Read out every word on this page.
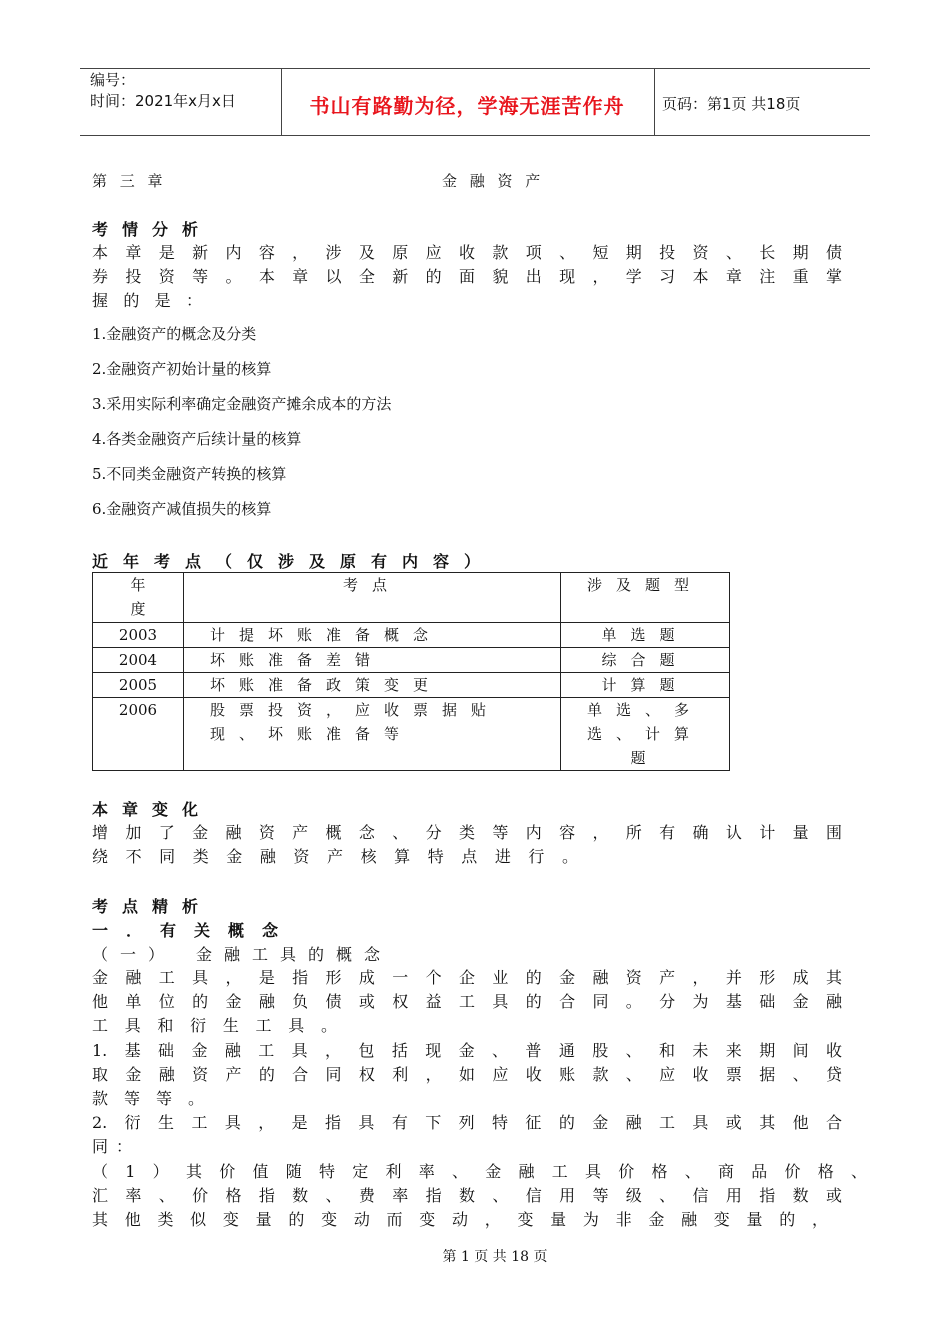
编号：
时间：2021年x月x日	书山有路勤为径，学海无涯苦作舟	页码：第1页 共18页
第 三 章	金 融 资 产
考情分析
本章是新内容，涉及原应收款项、短期投资、长期债
券投资等。本章以全新的面貌出现，学习本章注重掌
握的是：
1.金融资产的概念及分类
2.金融资产初始计量的核算
3.采用实际利率确定金融资产摊余成本的方法
4.各类金融资产后续计量的核算
5.不同类金融资产转换的核算
6.金融资产减值损失的核算
近年考点（仅涉及原有内容）
年度	考点	涉及题型
2003	计提坏账准备概念	单选题
2004	坏账准备差错	综合题
2005	坏账准备政策变更	计算题
2006	股票投资，应收票据贴现、坏账准备等	单选、多选、计算题
本章变化
增加了金融资产概念、分类等内容，所有确认计量围
绕不同类金融资产核算特点进行。
考点精析
一．有关概念
（一）　金融工具的概念
金融工具，是指形成一个企业的金融资产，并形成其
他单位的金融负债或权益工具的合同。分为基础金融
工具和衍生工具。
1.基础金融工具，包括现金、普通股、和未来期间收
取金融资产的合同权利，如应收账款、应收票据、贷
款等等。
2.衍生工具，是指具有下列特征的金融工具或其他合
同：
（1）其价值随特定利率、金融工具价格、商品价格、
汇率、价格指数、费率指数、信用等级、信用指数或
其他类似变量的变动而变动，变量为非金融变量的，
第 1 页 共 18 页
